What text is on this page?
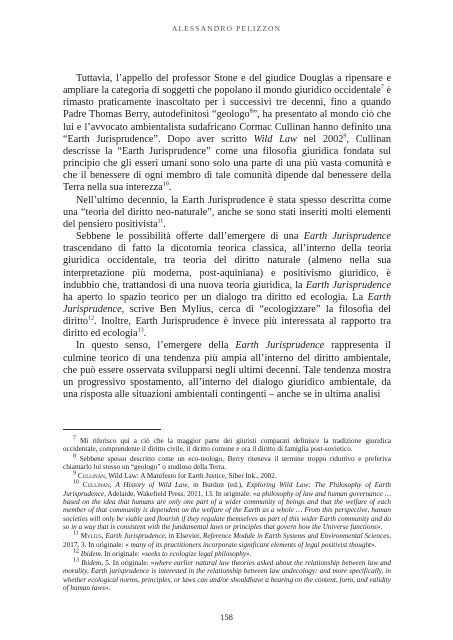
ALESSANDRO PELIZZON

Tuttavia, l’appello del professor Stone e del giudice Douglas a ripensare e ampliare la categoria di soggetti che popolano il mondo giuridico occidentale$^7$ è rimasto praticamente inascoltato per i successivi tre decenni, fino a quando Padre Thomas Berry, autodefinitosi “geologo$^8$”, ha presentato al mondo ciò che lui e l’avvocato ambientalista sudafricano Cormac Cullinan hanno definito una “Earth Jurisprudence”. Dopo aver scritto Wild Law nel 2002$^9$, Cullinan descrisse la “Earth Jurisprudence” come una filosofia giuridica fondata sul principio che gli esseri umani sono solo una parte di una più vasta comunità e che il benessere di ogni membro di tale comunità dipende dal benessere della Terra nella sua interezza$^{10}$.

Nell’ultimo decennio, la Earth Jurisprudence è stata spesso descritta come una “teoria del diritto neo-naturale”, anche se sono stati inseriti molti elementi del pensiero positivista$^{11}$.

Sebbene le possibilità offerte dall’emergere di una Earth Jurisprudence trascendano di fatto la dicotomia teorica classica, all’interno della teoria giuridica occidentale, tra teoria del diritto naturale (almeno nella sua interpretazione più moderna, post-aquiniana) e positivismo giuridico, è indubbio che, trattandosi di una nuova teoria giuridica, la Earth Jurisprudence ha aperto lo spazio teorico per un dialogo tra diritto ed ecologia. La Earth Jurisprudence, scrive Ben Mylius, cerca di “ecologizzare” la filosofia del diritto$^{12}$. Inoltre, Earth Jurisprudence è invece più interessata al rapporto tra diritto ed ecologia$^{13}$.

In questo senso, l’emergere della Earth Jurisprudence rappresenta il culmine teorico di una tendenza più ampia all’interno del diritto ambientale, che può essere osservata svilupparsi negli ultimi decenni. Tale tendenza mostra un progressivo spostamento, all’interno del dialogo giuridico ambientale, da una risposta alle situazioni ambientali contingenti – anche se in ultima analisi

$^7$ Mi riferisco qui a ciò che la maggior parte dei giuristi comparati definisce la tradizione giuridica occidentale, comprendente il diritto civile, il diritto comune e ora il diritto di famiglia post-sovietico.

$^8$ Sebbene spesso descritto come un eco-teologo, Berry riteneva il termine troppo riduttivo e preferiva chiamarlo lui stesso un “geologo” o studioso della Terra.

$^9$ Cullinan, Wild Law: A Manifesto for Earth Justice, Siber Ink., 2002.

$^{10}$ Cullinan, A History of Wild Law, in Burdon (ed.), Exploring Wild Law: The Philosophy of Earth Jurisprudence, Adelaide, Wakefield Press, 2011, 13. In originale: «a philosophy of law and human governance … based on the idea that humans are only one part of a wider community of beings and that the welfare of each member of that community is dependent on the welfare of the Earth as a whole … From this perspective, human societies will only be viable and flourish if they regulate themselves as part of this wider Earth community and do so in a way that is consistent with the fundamental laws or principles that govern how the Universe functions».

$^{11}$ Mylius, Earth Jurisprudence, in Elsevier, Reference Module in Earth Systems and Environmental Sciences, 2017, 3. In originale: « many of its practitioners incorporate significant elements of legal positivist thought».

$^{12}$ Ibidem. In originale: «seeks to ecologize legal philosophy».

$^{13}$ Ibidem, 5. In originale: »where earlier natural law theories asked about the relationship between law and morality, Earth jurisprudence is interested in the relationship between law andecology: and more specifically, in whether ecological norms, principles, or laws can and/or shouldhave a bearing on the content, form, and validity of human laws».

158
